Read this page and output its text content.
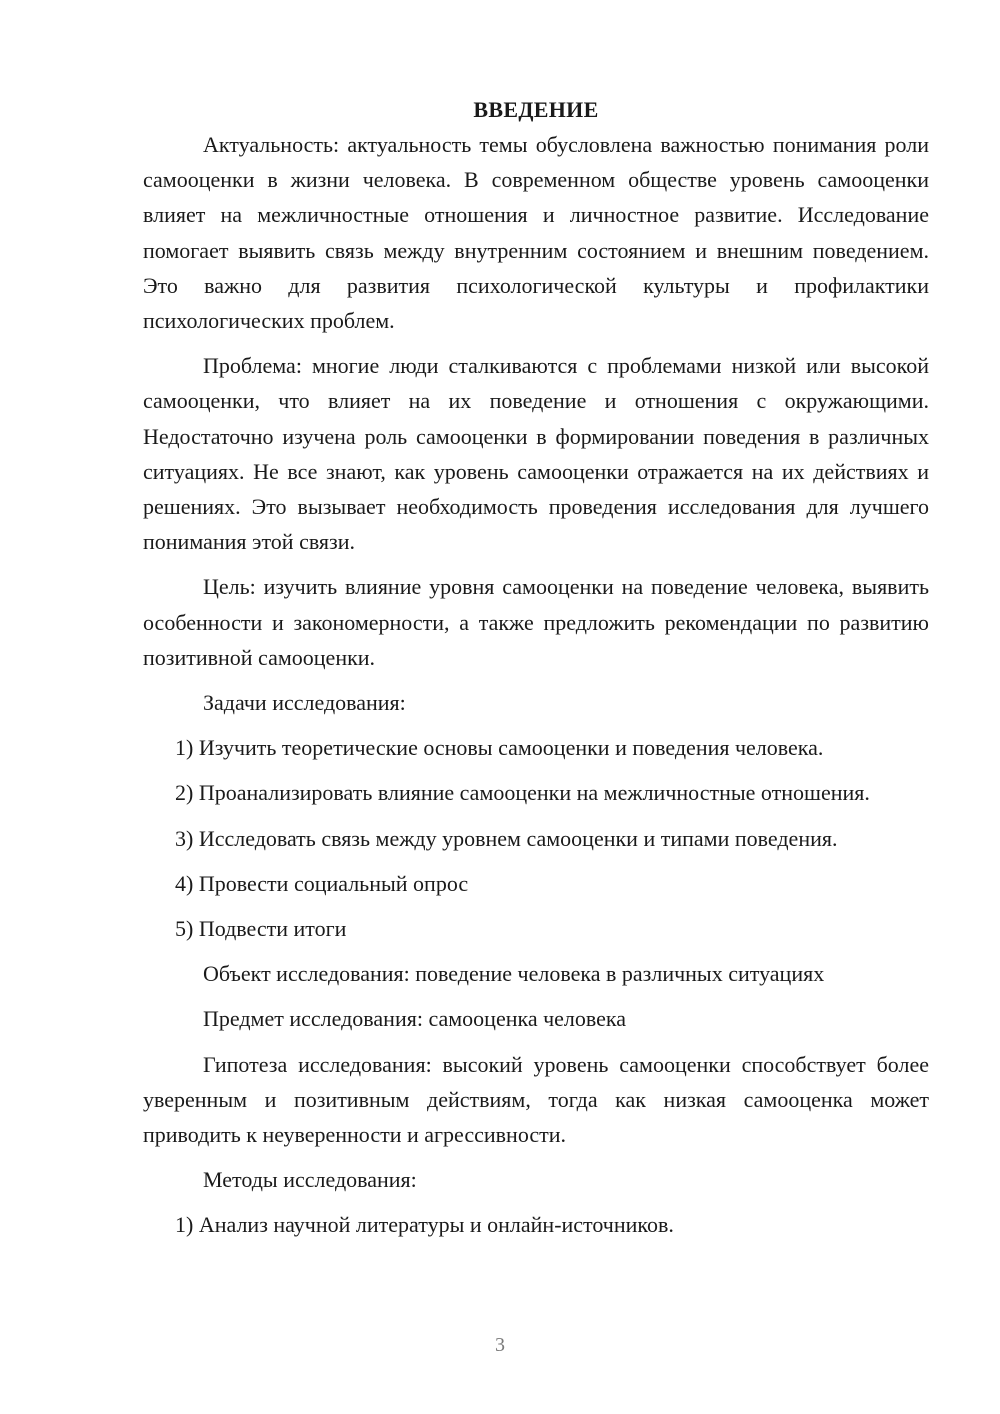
ВВЕДЕНИЕ

Актуальность: актуальность темы обусловлена важностью понимания роли самооценки в жизни человека. В современном обществе уровень самооценки влияет на межличностные отношения и личностное развитие. Исследование помогает выявить связь между внутренним состоянием и внешним поведением. Это важно для развития психологической культуры и профилактики психологических проблем.

Проблема: многие люди сталкиваются с проблемами низкой или высокой самооценки, что влияет на их поведение и отношения с окружающими. Недостаточно изучена роль самооценки в формировании поведения в различных ситуациях. Не все знают, как уровень самооценки отражается на их действиях и решениях. Это вызывает необходимость проведения исследования для лучшего понимания этой связи.

Цель: изучить влияние уровня самооценки на поведение человека, выявить особенности и закономерности, а также предложить рекомендации по развитию позитивной самооценки.

Задачи исследования:

1) Изучить теоретические основы самооценки и поведения человека.

2) Проанализировать влияние самооценки на межличностные отношения.

3) Исследовать связь между уровнем самооценки и типами поведения.

4) Провести социальный опрос

5) Подвести итоги

Объект исследования: поведение человека в различных ситуациях

Предмет исследования: самооценка человека

Гипотеза исследования: высокий уровень самооценки способствует более уверенным и позитивным действиям, тогда как низкая самооценка может приводить к неуверенности и агрессивности.

Методы исследования:

1) Анализ научной литературы и онлайн-источников.

3
